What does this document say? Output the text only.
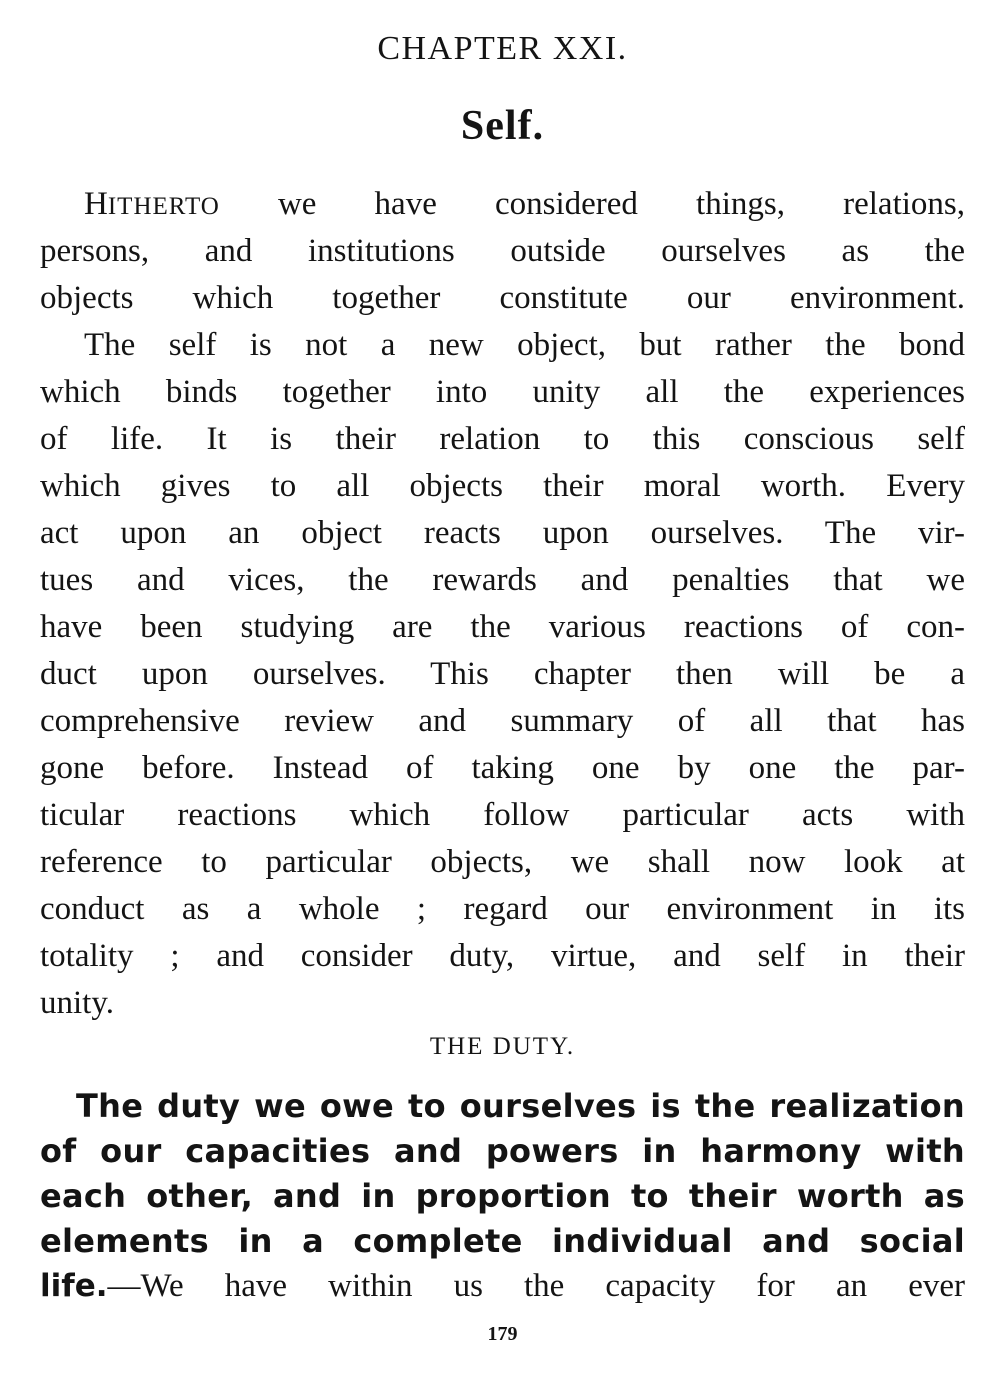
CHAPTER XXI.
Self.
HITHERTO we have considered things, relations,
persons, and institutions outside ourselves as the
objects which together constitute our environment.
The self is not a new object, but rather the bond
which binds together into unity all the experiences
of life. It is their relation to this conscious self
which gives to all objects their moral worth. Every
act upon an object reacts upon ourselves. The vir-
tues and vices, the rewards and penalties that we
have been studying are the various reactions of con-
duct upon ourselves. This chapter then will be a
comprehensive review and summary of all that has
gone before. Instead of taking one by one the par-
ticular reactions which follow particular acts with
reference to particular objects, we shall now look at
conduct as a whole ; regard our environment in its
totality ; and consider duty, virtue, and self in their
unity.
THE DUTY.
The duty we owe to ourselves is the realization
of our capacities and powers in harmony with
each other, and in proportion to their worth as
elements in a complete individual and social
life.—We have within us the capacity for an ever
179
